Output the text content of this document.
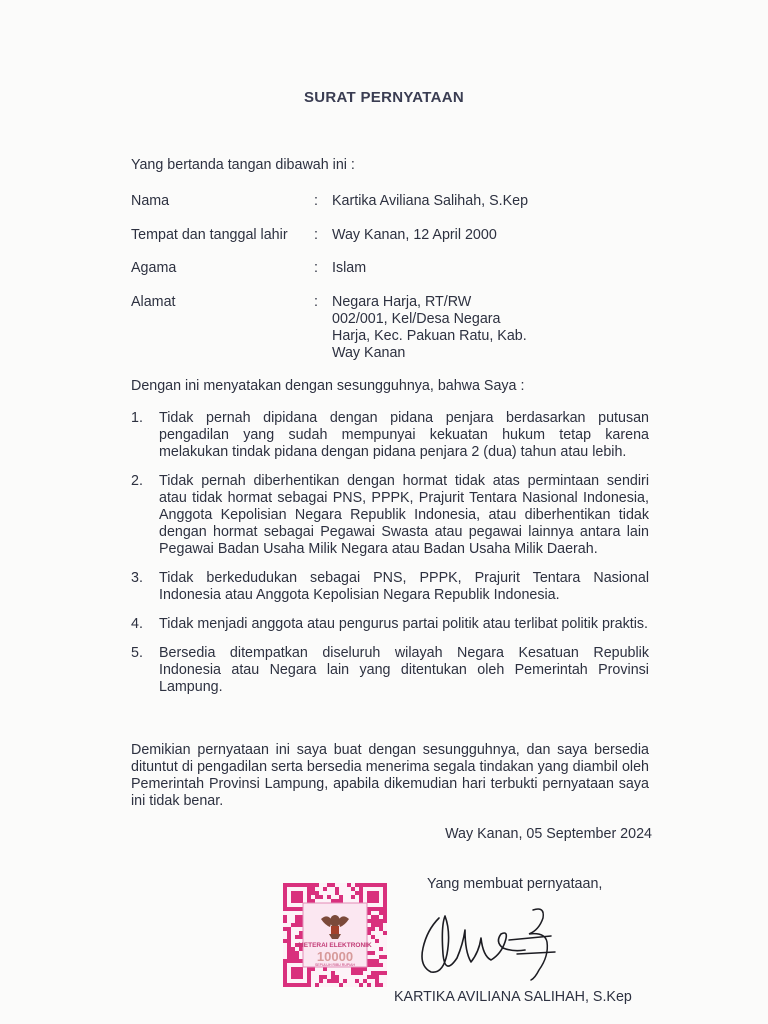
SURAT PERNYATAAN
Yang bertanda tangan dibawah ini :
Nama	: Kartika Aviliana Salihah, S.Kep
Tempat dan tanggal lahir : Way Kanan, 12 April 2000
Agama	: Islam
Alamat	: Negara Harja, RT/RW
002/001, Kel/Desa Negara
Harja, Kec. Pakuan Ratu, Kab.
Way Kanan
Dengan ini menyatakan dengan sesungguhnya, bahwa Saya :
1.	Tidak pernah dipidana dengan pidana penjara berdasarkan putusan pengadilan yang sudah mempunyai kekuatan hukum tetap karena melakukan tindak pidana dengan pidana penjara 2 (dua) tahun atau lebih.
2.	Tidak pernah diberhentikan dengan hormat tidak atas permintaan sendiri atau tidak hormat sebagai PNS, PPPK, Prajurit Tentara Nasional Indonesia, Anggota Kepolisian Negara Republik Indonesia, atau diberhentikan tidak dengan hormat sebagai Pegawai Swasta atau pegawai lainnya antara lain Pegawai Badan Usaha Milik Negara atau Badan Usaha Milik Daerah.
3.	Tidak berkedudukan sebagai PNS, PPPK, Prajurit Tentara Nasional Indonesia atau Anggota Kepolisian Negara Republik Indonesia.
4.	Tidak menjadi anggota atau pengurus partai politik atau terlibat politik praktis.
5.	Bersedia ditempatkan diseluruh wilayah Negara Kesatuan Republik Indonesia atau Negara lain yang ditentukan oleh Pemerintah Provinsi Lampung.
Demikian pernyataan ini saya buat dengan sesungguhnya, dan saya bersedia dituntut di pengadilan serta bersedia menerima segala tindakan yang diambil oleh Pemerintah Provinsi Lampung, apabila dikemudian hari terbukti pernyataan saya ini tidak benar.
Way Kanan, 05 September 2024
Yang membuat pernyataan,
METERAI ELEKTRONIK
10000
SEPULUH RIBU RUPIAH
KARTIKA AVILIANA SALIHAH, S.Kep
